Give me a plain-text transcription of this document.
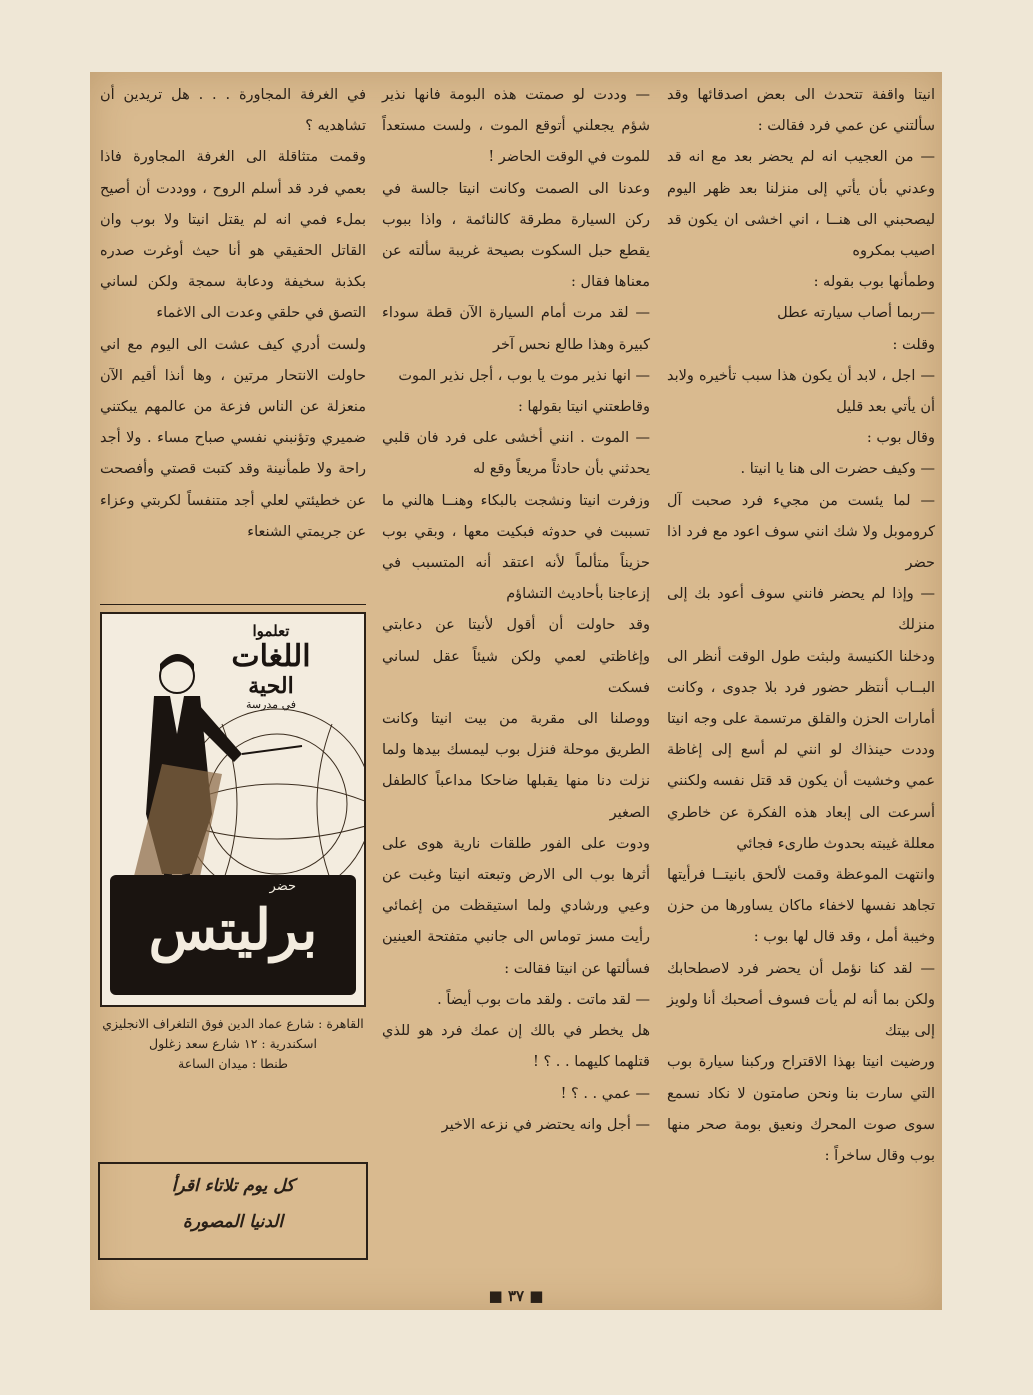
انيتا واقفة تتحدث الى بعض اصدقائها وقد سألتني عن عمي فرد فقالت :

— من العجيب انه لم يحضر بعد مع انه قد وعدني بأن يأتي إلى منزلنا بعد ظهر اليوم ليصحبني الى هنــا ، اني اخشى ان يكون قد اصيب بمكروه

وطمأنها بوب بقوله :

—ربما أصاب سيارته عطل

وقلت :

— اجل ، لابد أن يكون هذا سبب تأخيره ولابد أن يأتي بعد قليل

وقال بوب :

— وكيف حضرت الى هنا يا انيتا .

— لما يئست من مجيء فرد صحبت آل كروموبل ولا شك انني سوف اعود مع فرد اذا حضر

— وإذا لم يحضر فانني سوف أعود بك إلى منزلك

ودخلنا الكنيسة ولبثت طول الوقت أنظر الى البــاب أنتظر حضور فرد بلا جدوى ، وكانت أمارات الحزن والقلق مرتسمة على وجه انيتا وددت حينذاك لو انني لم أسع إلى إغاظة عمي وخشيت أن يكون قد قتل نفسه ولكنني أسرعت الى إبعاد هذه الفكرة عن خاطري معللة غيبته بحدوث طارىء فجائي

وانتهت الموعظة وقمت لألحق بانيتــا فرأيتها تجاهد نفسها لاخفاء ماكان يساورها من حزن وخيبة أمل ، وقد قال لها بوب :

— لقد كنا نؤمل أن يحضر فرد لاصطحابك ولكن بما أنه لم يأت فسوف أصحبك أنا ولويز إلى بيتك

ورضيت انيتا بهذا الاقتراح وركبنا سيارة بوب التي سارت بنا ونحن صامتون لا نكاد نسمع سوى صوت المحرك ونعيق بومة صحر منها بوب وقال ساخراً :

— وددت لو صمتت هذه البومة فانها نذير شؤم يجعلني أتوقع الموت ، ولست مستعداً للموت في الوقت الحاضر !

وعدنا الى الصمت وكانت انيتا جالسة في ركن السيارة مطرقة كالنائمة ، واذا ببوب يقطع حبل السكوت بصيحة غريبة سألته عن معناها فقال :

— لقد مرت أمام السيارة الآن قطة سوداء كبيرة وهذا طالع نحس آخر

— انها نذير موت يا بوب ، أجل نذير الموت

وقاطعتني انيتا بقولها :

— الموت . انني أخشى على فرد فان قلبي يحدثني بأن حادثاً مريعاً وقع له

وزفرت انيتا ونشجت بالبكاء وهنــا هالني ما تسببت في حدوثه فبكيت معها ، وبقي بوب حزيناً متألماً لأنه اعتقد أنه المتسبب في إزعاجنا بأحاديث التشاؤم

وقد حاولت أن أقول لأنيتا عن دعابتي وإغاظتي لعمي ولكن شيئاً عقل لساني فسكت

ووصلنا الى مقربة من بيت انيتا وكانت الطريق موحلة فنزل بوب ليمسك بيدها ولما نزلت دنا منها يقبلها ضاحكا مداعباً كالطفل الصغير

ودوت على الفور طلقات نارية هوى على أثرها بوب الى الارض وتبعته انيتا وغبت عن وعيي ورشادي ولما استيقظت من إغمائي رأيت مسز توماس الى جانبي متفتحة العينين فسألتها عن انيتا فقالت :

— لقد ماتت . ولقد مات بوب أيضاً .

هل يخطر في بالك إن عمك فرد هو للذي قتلهما كليهما . . ؟ !

— عمي . . ؟ !

— أجل وانه يحتضر في نزعه الاخير

في الغرفة المجاورة . . . هل تريدين أن تشاهديه ؟

وقمت متثاقلة الى الغرفة المجاورة فاذا بعمي فرد قد أسلم الروح ، ووددت أن أصيح بملء فمي انه لم يقتل انيتا ولا بوب وان القاتل الحقيقي هو أنا حيث أوغرت صدره بكذبة سخيفة ودعابة سمجة ولكن لساني التصق في حلقي وعدت الى الاغماء

ولست أدري كيف عشت الى اليوم مع اني حاولت الانتحار مرتين ، وها أنذا أقيم الآن منعزلة عن الناس فزعة من عالمهم يبكتني ضميري وتؤنبني نفسي صباح مساء . ولا أجد راحة ولا طمأنينة وقد كتبت قصتي وأفصحت عن خطيئتي لعلي أجد متنفساً لكربتي وعزاء عن جريمتي الشنعاء

تعلموا
اللغات
الحية
في مدرسة
حضر
برليتس
القاهرة : شارع عماد الدين فوق التلغراف الانجليزي
اسكندرية : ١٢ شارع سعد زغلول
طنطا : ميدان الساعة
كل يوم تلاتاء اقرأ
الدنيا المصورة
■ ٣٧ ■
